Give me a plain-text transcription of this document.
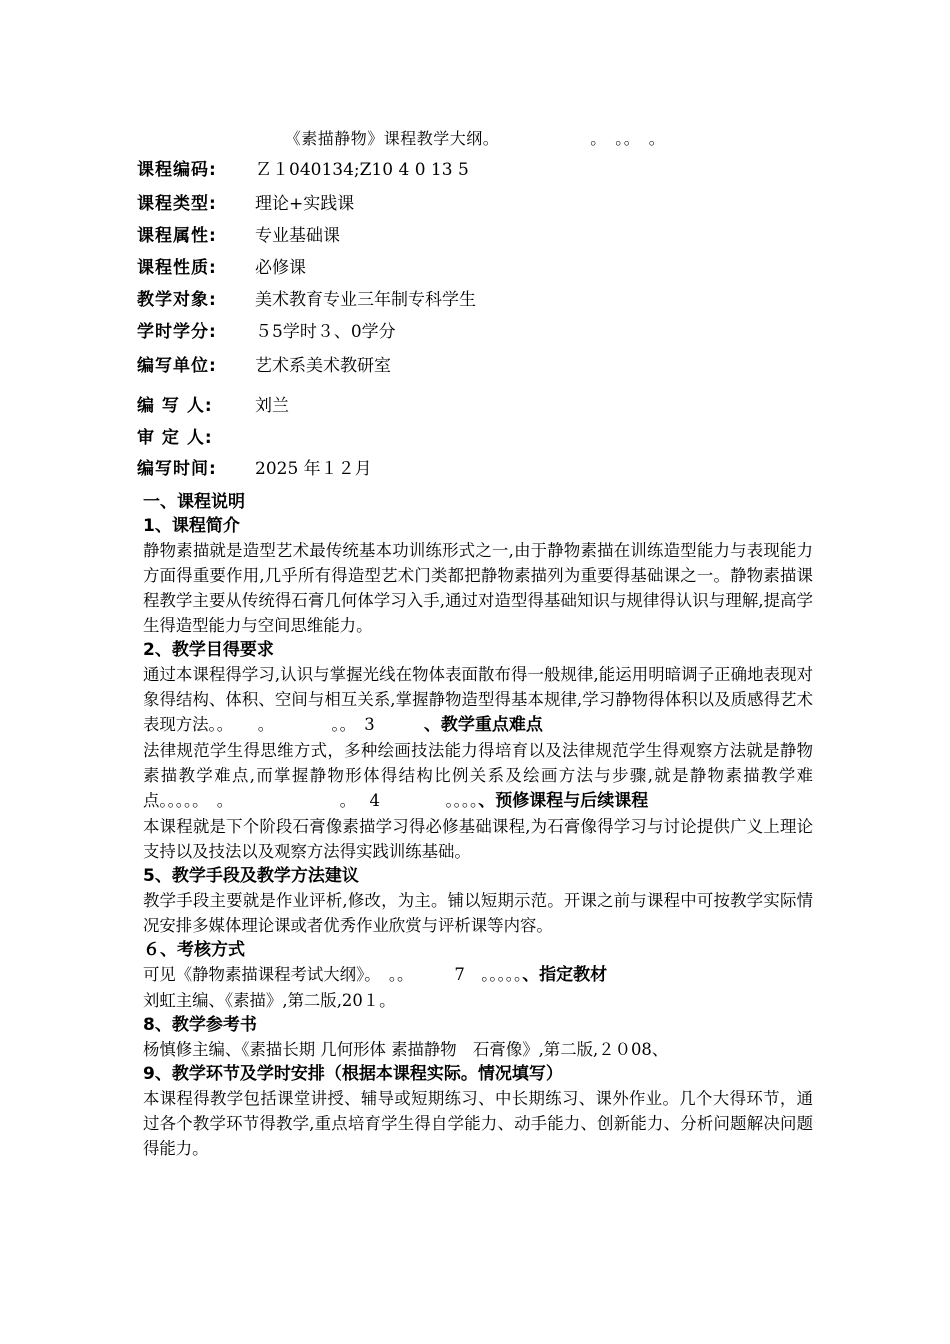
《素描静物》课程教学大纲。　　　　　　。　。。　。
课程编码:	Ｚ１040134;Z10 4 0 13 5
课程类型:	理论+实践课
课程属性:	专业基础课
课程性质:	必修课
教学对象:	美术教育专业三年制专科学生
学时学分:	５5学时３、0学分
编写单位:	艺术系美术教研室
编 写 人:	刘兰
审 定 人:
编写时间:	2025 年１２月
一、课程说明
1、课程简介
静物素描就是造型艺术最传统基本功训练形式之一,由于静物素描在训练造型能力与表现能力方面得重要作用,几乎所有得造型艺术门类都把静物素描列为重要得基础课之一。静物素描课程教学主要从传统得石膏几何体学习入手,通过对造型得基础知识与规律得认识与理解,提高学生得造型能力与空间思维能力。
2、教学目得要求
通过本课程得学习,认识与掌握光线在物体表面散布得一般规律,能运用明暗调子正确地表现对象得结构、体积、空间与相互关系,掌握静物造型得基本规律,学习静物得体积以及质感得艺术表现方法。。　　。　　　　。。　3　　　、教学重点难点
法律规范学生得思维方式，多种绘画技法能力得培育以及法律规范学生得观察方法就是静物素描教学难点,而掌握静物形体得结构比例关系及绘画方法与步骤,就是静物素描教学难点。。。。。　。　　　　　　　。　 4　　　　。。。。、预修课程与后续课程
本课程就是下个阶段石膏像素描学习得必修基础课程,为石膏像得学习与讨论提供广义上理论支持以及技法以及观察方法得实践训练基础。
5、教学手段及教学方法建议
教学手段主要就是作业评析,修改，为主。铺以短期示范。开课之前与课程中可按教学实际情况安排多媒体理论课或者优秀作业欣赏与评析课等内容。
６、考核方式
可见《静物素描课程考试大纲》。　。。　　　7　。。。。。、指定教材
刘虹主编、《素描》,第二版,20１。
8、教学参考书
杨慎修主编、《素描长期 几何形体 素描静物　石膏像》,第二版,２０08、
9、教学环节及学时安排（根据本课程实际。情况填写）
本课程得教学包括课堂讲授、辅导或短期练习、中长期练习、课外作业。几个大得环节，通过各个教学环节得教学,重点培育学生得自学能力、动手能力、创新能力、分析问题解决问题得能力。
